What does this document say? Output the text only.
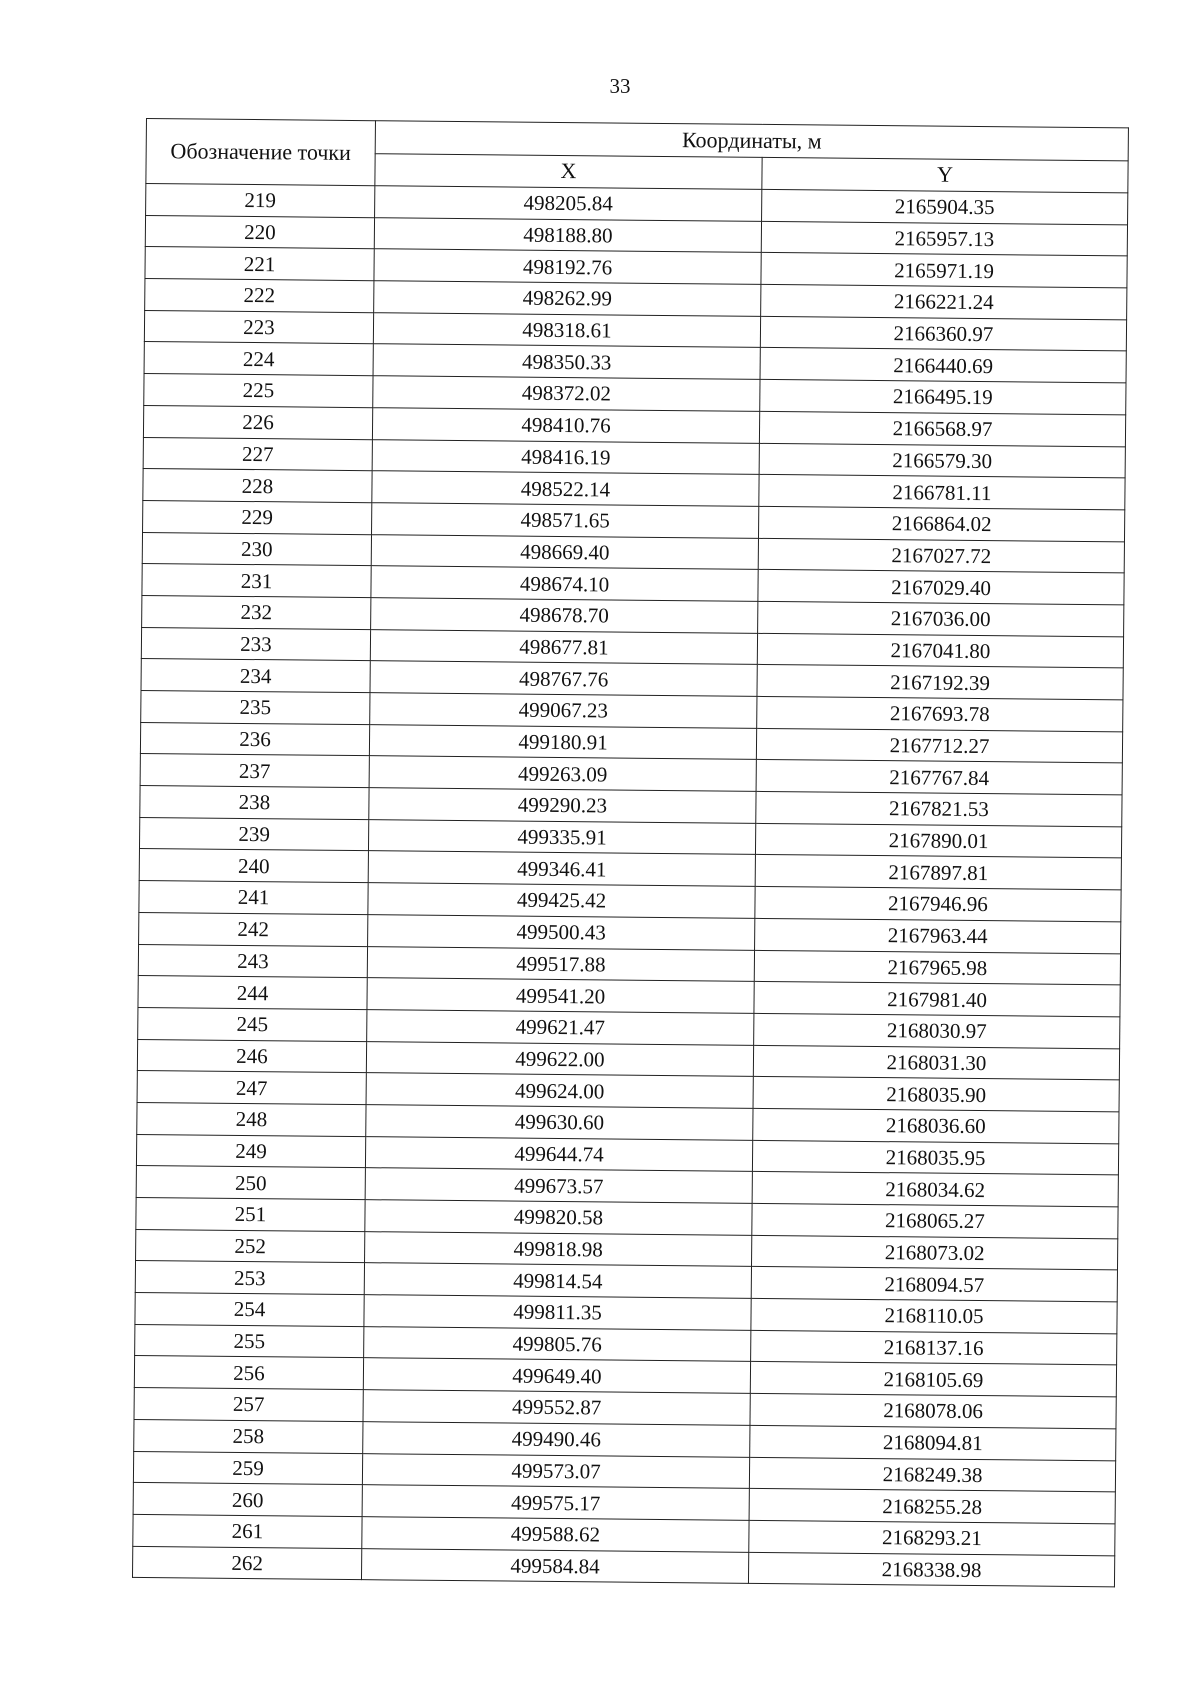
33
Обозначение точки	Координаты, м	
	X	Y
219	498205.84	2165904.35
220	498188.80	2165957.13
221	498192.76	2165971.19
222	498262.99	2166221.24
223	498318.61	2166360.97
224	498350.33	2166440.69
225	498372.02	2166495.19
226	498410.76	2166568.97
227	498416.19	2166579.30
228	498522.14	2166781.11
229	498571.65	2166864.02
230	498669.40	2167027.72
231	498674.10	2167029.40
232	498678.70	2167036.00
233	498677.81	2167041.80
234	498767.76	2167192.39
235	499067.23	2167693.78
236	499180.91	2167712.27
237	499263.09	2167767.84
238	499290.23	2167821.53
239	499335.91	2167890.01
240	499346.41	2167897.81
241	499425.42	2167946.96
242	499500.43	2167963.44
243	499517.88	2167965.98
244	499541.20	2167981.40
245	499621.47	2168030.97
246	499622.00	2168031.30
247	499624.00	2168035.90
248	499630.60	2168036.60
249	499644.74	2168035.95
250	499673.57	2168034.62
251	499820.58	2168065.27
252	499818.98	2168073.02
253	499814.54	2168094.57
254	499811.35	2168110.05
255	499805.76	2168137.16
256	499649.40	2168105.69
257	499552.87	2168078.06
258	499490.46	2168094.81
259	499573.07	2168249.38
260	499575.17	2168255.28
261	499588.62	2168293.21
262	499584.84	2168338.98
